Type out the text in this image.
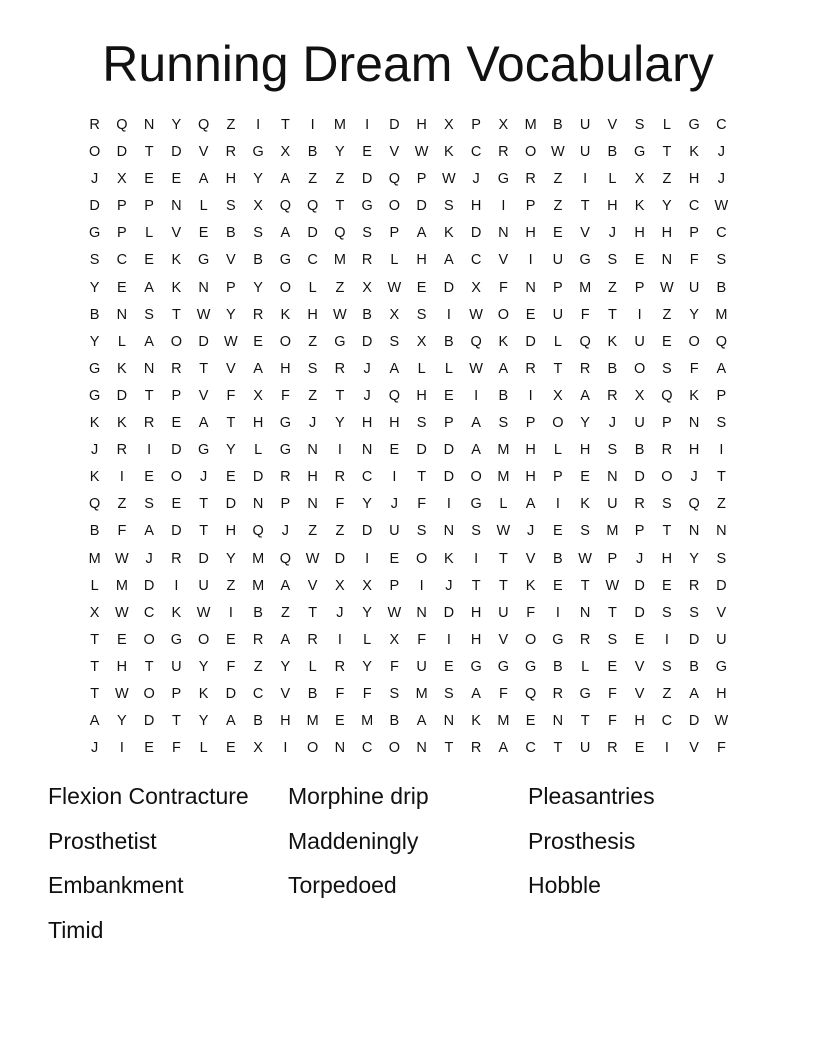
Running Dream Vocabulary
R	Q	N	Y	Q	Z	I	T	I	M	I	D	H	X	P	X	M	B	U	V	S	L	G	C
O	D	T	D	V	R	G	X	B	Y	E	V	W	K	C	R	O	W	U	B	G	T	K	J
J	X	E	E	A	H	Y	A	Z	Z	D	Q	P	W	J	G	R	Z	I	L	X	Z	H	J
D	P	P	N	L	S	X	Q	Q	T	G	O	D	S	H	I	P	Z	T	H	K	Y	C	W
G	P	L	V	E	B	S	A	D	Q	S	P	A	K	D	N	H	E	V	J	H	H	P	C
S	C	E	K	G	V	B	G	C	M	R	L	H	A	C	V	I	U	G	S	E	N	F	S
Y	E	A	K	N	P	Y	O	L	Z	X	W	E	D	X	F	N	P	M	Z	P	W	U	B
B	N	S	T	W	Y	R	K	H	W	B	X	S	I	W	O	E	U	F	T	I	Z	Y	M
Y	L	A	O	D	W	E	O	Z	G	D	S	X	B	Q	K	D	L	Q	K	U	E	O	Q
G	K	N	R	T	V	A	H	S	R	J	A	L	L	W	A	R	T	R	B	O	S	F	A
G	D	T	P	V	F	X	F	Z	T	J	Q	H	E	I	B	I	X	A	R	X	Q	K	P
K	K	R	E	A	T	H	G	J	Y	H	H	S	P	A	S	P	O	Y	J	U	P	N	S
J	R	I	D	G	Y	L	G	N	I	N	E	D	D	A	M	H	L	H	S	B	R	H	I
K	I	E	O	J	E	D	R	H	R	C	I	T	D	O	M	H	P	E	N	D	O	J	T
Q	Z	S	E	T	D	N	P	N	F	Y	J	F	I	G	L	A	I	K	U	R	S	Q	Z
B	F	A	D	T	H	Q	J	Z	Z	D	U	S	N	S	W	J	E	S	M	P	T	N	N
M W	J	R	D	Y	M	Q	W	D	I	E	O	K	I	T	V	B	W	P	J	H	Y	S
L	M	D	I	U	Z	M	A	V	X	X	P	I	J	T	T	K	E	T	W	D	E	R	D
X	W	C	K	W	I	B	Z	T	J	Y	W	N	D	H	U	F	I	N	T	D	S	S	V
T	E	O	G	O	E	R	A	R	I	L	X	F	I	H	V	O	G	R	S	E	I	D	U
T	H	T	U	Y	F	Z	Y	L	R	Y	F	U	E	G	G	G	B	L	E	V	S	B	G
T	W	O	P	K	D	C	V	B	F	F	S	M	S	A	F	Q	R	G	F	V	Z	A	H
A	Y	D	T	Y	A	B	H	M	E	M	B	A	N	K	M	E	N	T	F	H	C	D	W
J	I	E	F	L	E	X	I	O	N	C	O	N	T	R	A	C	T	U	R	E	I	V	F
Flexion Contracture	Morphine drip	Pleasantries
Prosthetist	Maddeningly	Prosthesis
Embankment	Torpedoed	Hobble
Timid
